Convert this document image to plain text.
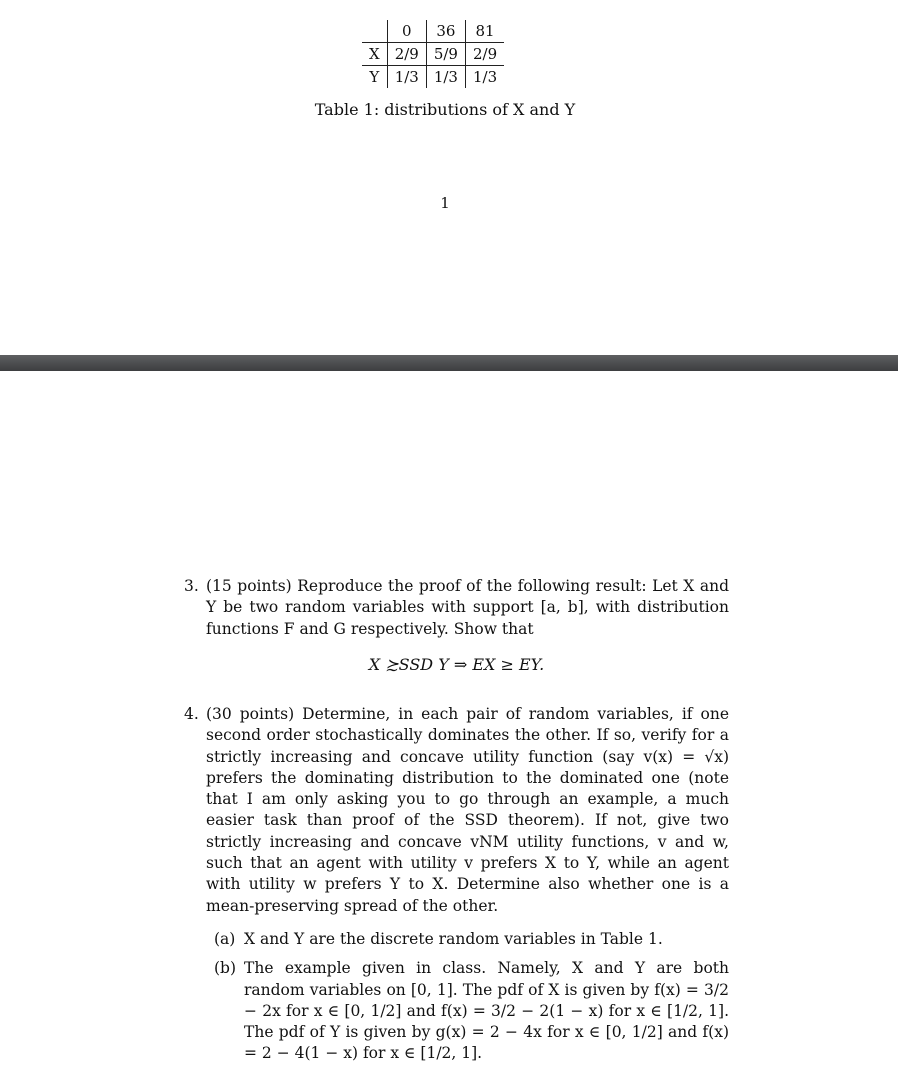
	0	36	81
X	2/9	5/9	2/9
Y	1/3	1/3	1/3
Table 1: distributions of X and Y
1
3. (15 points) Reproduce the proof of the following result: Let X and Y be two random variables with support [a, b], with distribution functions F and G respectively. Show that
X ≿SSD Y ⇒ EX ≥ EY.
4. (30 points) Determine, in each pair of random variables, if one second order stochastically dominates the other. If so, verify for a strictly increasing and concave utility function (say v(x) = √x) prefers the dominating distribution to the dominated one (note that I am only asking you to go through an example, a much easier task than proof of the SSD theorem). If not, give two strictly increasing and concave vNM utility functions, v and w, such that an agent with utility v prefers X to Y, while an agent with utility w prefers Y to X. Determine also whether one is a mean-preserving spread of the other.
(a) X and Y are the discrete random variables in Table 1.
(b) The example given in class. Namely, X and Y are both random variables on [0, 1]. The pdf of X is given by f(x) = 3/2 − 2x for x ∈ [0, 1/2] and f(x) = 3/2 − 2(1 − x) for x ∈ [1/2, 1]. The pdf of Y is given by g(x) = 2 − 4x for x ∈ [0, 1/2] and f(x) = 2 − 4(1 − x) for x ∈ [1/2, 1].
